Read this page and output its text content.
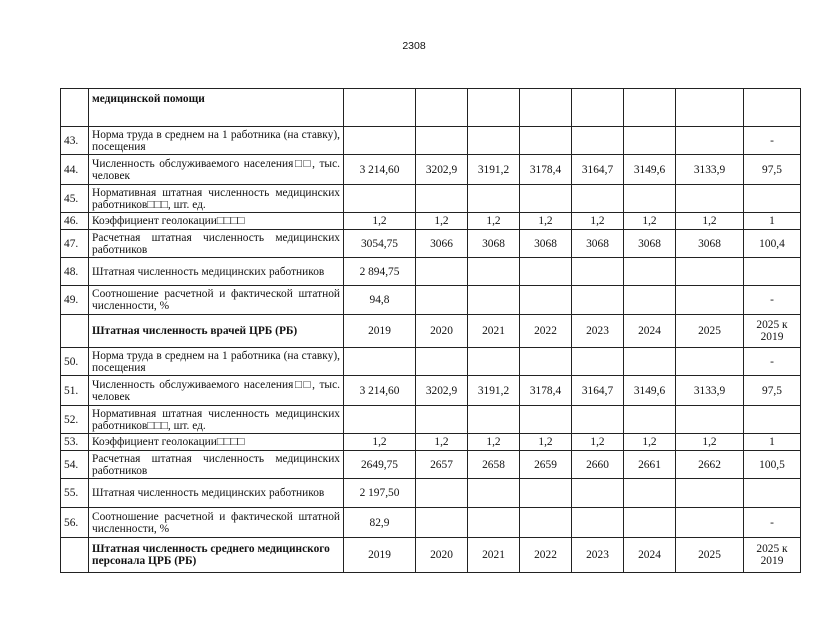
2308
	медицинской помощи								
43.	Норма труда в среднем на 1 работника (на ставку), посещения								-
44.	Численность обслуживаемого населения□□, тыс. человек	3 214,60	3202,9	3191,2	3178,4	3164,7	3149,6	3133,9	97,5
45.	Нормативная штатная численность медицинских работников□□□, шт. ед.								
46.	Коэффициент геолокации□□□□	1,2	1,2	1,2	1,2	1,2	1,2	1,2	1
47.	Расчетная штатная численность медицинских работников	3054,75	3066	3068	3068	3068	3068	3068	100,4
48.	Штатная численность медицинских работников	2 894,75							
49.	Соотношение расчетной и фактической штатной численности, %	94,8							-
	Штатная численность врачей ЦРБ (РБ)	2019	2020	2021	2022	2023	2024	2025	2025 к 2019
50.	Норма труда в среднем на 1 работника (на ставку), посещения								-
51.	Численность обслуживаемого населения□□, тыс. человек	3 214,60	3202,9	3191,2	3178,4	3164,7	3149,6	3133,9	97,5
52.	Нормативная штатная численность медицинских работников□□□, шт. ед.								
53.	Коэффициент геолокации□□□□	1,2	1,2	1,2	1,2	1,2	1,2	1,2	1
54.	Расчетная штатная численность медицинских работников	2649,75	2657	2658	2659	2660	2661	2662	100,5
55.	Штатная численность медицинских работников	2 197,50							
56.	Соотношение расчетной и фактической штатной численности, %	82,9							-
	Штатная численность среднего медицинского персонала ЦРБ (РБ)	2019	2020	2021	2022	2023	2024	2025	2025 к 2019
